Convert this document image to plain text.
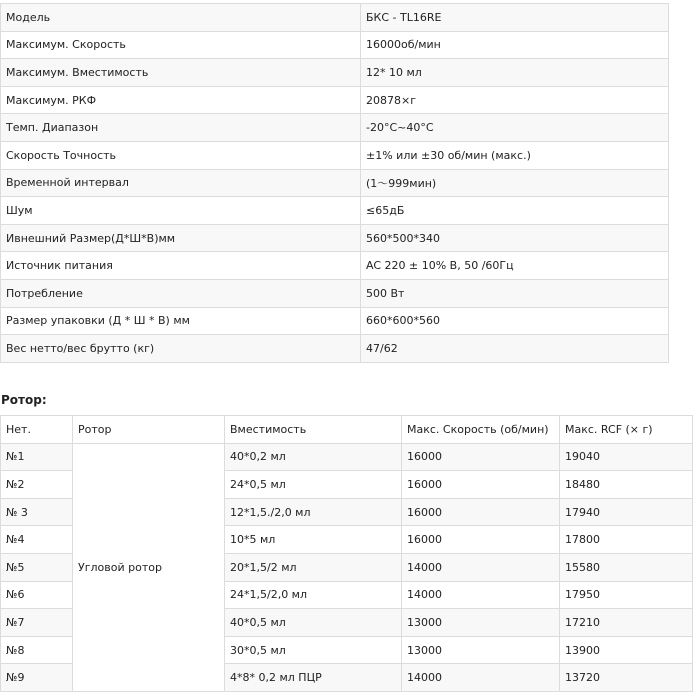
Модель	БКС - TL16RE
Максимум. Скорость	16000об/мин
Максимум. Вместимость	12* 10 мл
Максимум. РКФ	20878×г
Темп. Диапазон	-20°C~40°C
Скорость Точность	±1% или ±30 об/мин (макс.)
Временной интервал	(1～999мин)
Шум	≤65дБ
Ивнешний Размер(Д*Ш*В)мм	560*500*340
Источник питания	AC 220 ± 10% В, 50 /60Гц
Потребление	500 Вт
Размер упаковки (Д * Ш * В) мм	660*600*560
Вес нетто/вес брутто (кг)	47/62
Ротор:
Нет.	Ротор	Вместимость	Макс. Скорость (об/мин)	Макс. RCF (× г)
№1	Угловой ротор	40*0,2 мл	16000	19040
№2		24*0,5 мл	16000	18480
№ 3		12*1,5./2,0 мл	16000	17940
№4		10*5 мл	16000	17800
№5		20*1,5/2 мл	14000	15580
№6		24*1,5/2,0 мл	14000	17950
№7		40*0,5 мл	13000	17210
№8		30*0,5 мл	13000	13900
№9		4*8* 0,2 мл ПЦР	14000	13720
